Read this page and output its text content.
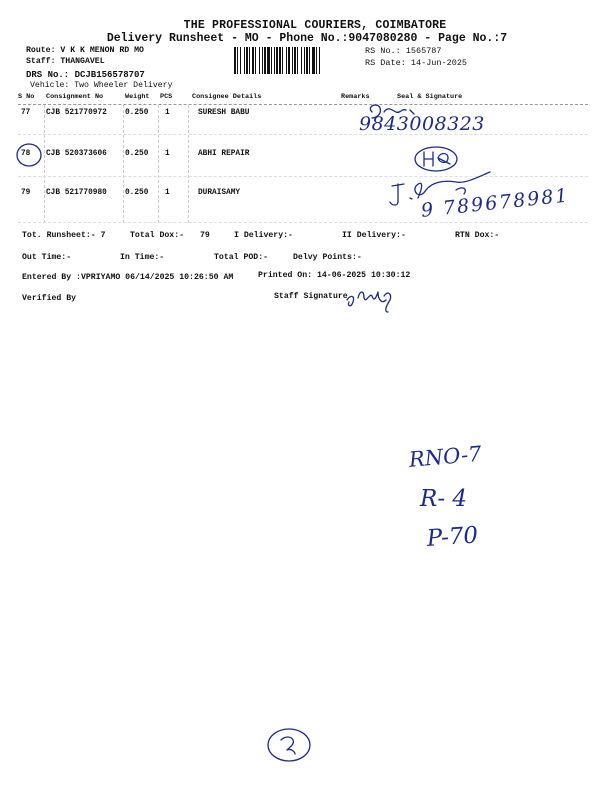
THE PROFESSIONAL COURIERS, COIMBATORE
Delivery Runsheet - MO - Phone No.:9047080280 - Page No.:7
Route: V K K MENON RD MO
Staff: THANGAVEL
DRS No.: DCJB156578707
Vehicle: Two Wheeler Delivery
RS No.: 1565787
RS Date: 14-Jun-2025
S No Consignment No	Weight PCS	Consignee Details	Remarks	Seal & Signature
77 CJB 521770972 0.250 1	SURESH BABU
78 CJB 520373606 0.250 1	ABHI REPAIR
79 CJB 521770980 0.250 1	DURAISAMY
Tot. Runsheet:- 7	Total Dox:- 79	I Delivery:-	II Delivery:-	RTN Dox:-
Out Time:-	In Time:-	Total POD:-	Delvy Points:-
Entered By :VPRIYAMO 06/14/2025 10:26:50 AM	Printed On: 14-06-2025 10:30:12
Verified By	Staff Signature
9843008323
9 789678981
RNO-7
R- 4
P-70
